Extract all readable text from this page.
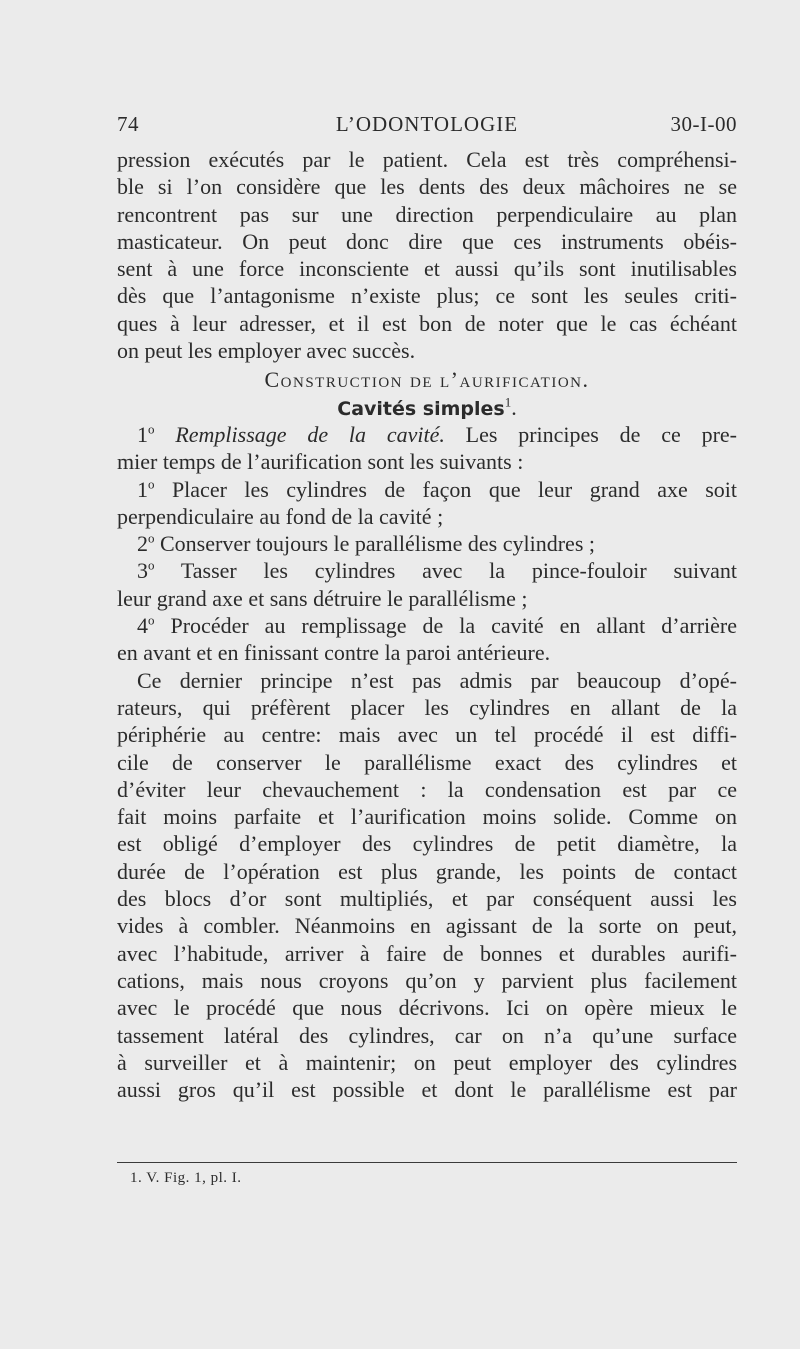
74	L’ODONTOLOGIE	30-I-00
pression exécutés par le patient. Cela est très compréhensi-
ble si l’on considère que les dents des deux mâchoires ne se
rencontrent pas sur une direction perpendiculaire au plan
masticateur. On peut donc dire que ces instruments obéis-
sent à une force inconsciente et aussi qu’ils sont inutilisables
dès que l’antagonisme n’existe plus; ce sont les seules criti-
ques à leur adresser, et il est bon de noter que le cas échéant
on peut les employer avec succès.
Construction de l’aurification.
Cavités simples$^1$.
1$^o$ Remplissage de la cavité. Les principes de ce pre-
mier temps de l’aurification sont les suivants :
1$^o$ Placer les cylindres de façon que leur grand axe soit
perpendiculaire au fond de la cavité ;
2$^o$ Conserver toujours le parallélisme des cylindres ;
3$^o$ Tasser les cylindres avec la pince-fouloir suivant
leur grand axe et sans détruire le parallélisme ;
4$^o$ Procéder au remplissage de la cavité en allant d’arrière
en avant et en finissant contre la paroi antérieure.
Ce dernier principe n’est pas admis par beaucoup d’opé-
rateurs, qui préfèrent placer les cylindres en allant de la
périphérie au centre: mais avec un tel procédé il est diffi-
cile de conserver le parallélisme exact des cylindres et
d’éviter leur chevauchement : la condensation est par ce
fait moins parfaite et l’aurification moins solide. Comme on
est obligé d’employer des cylindres de petit diamètre, la
durée de l’opération est plus grande, les points de contact
des blocs d’or sont multipliés, et par conséquent aussi les
vides à combler. Néanmoins en agissant de la sorte on peut,
avec l’habitude, arriver à faire de bonnes et durables aurifi-
cations, mais nous croyons qu’on y parvient plus facilement
avec le procédé que nous décrivons. Ici on opère mieux le
tassement latéral des cylindres, car on n’a qu’une surface
à surveiller et à maintenir; on peut employer des cylindres
aussi gros qu’il est possible et dont le parallélisme est par
1. V. Fig. 1, pl. I.
